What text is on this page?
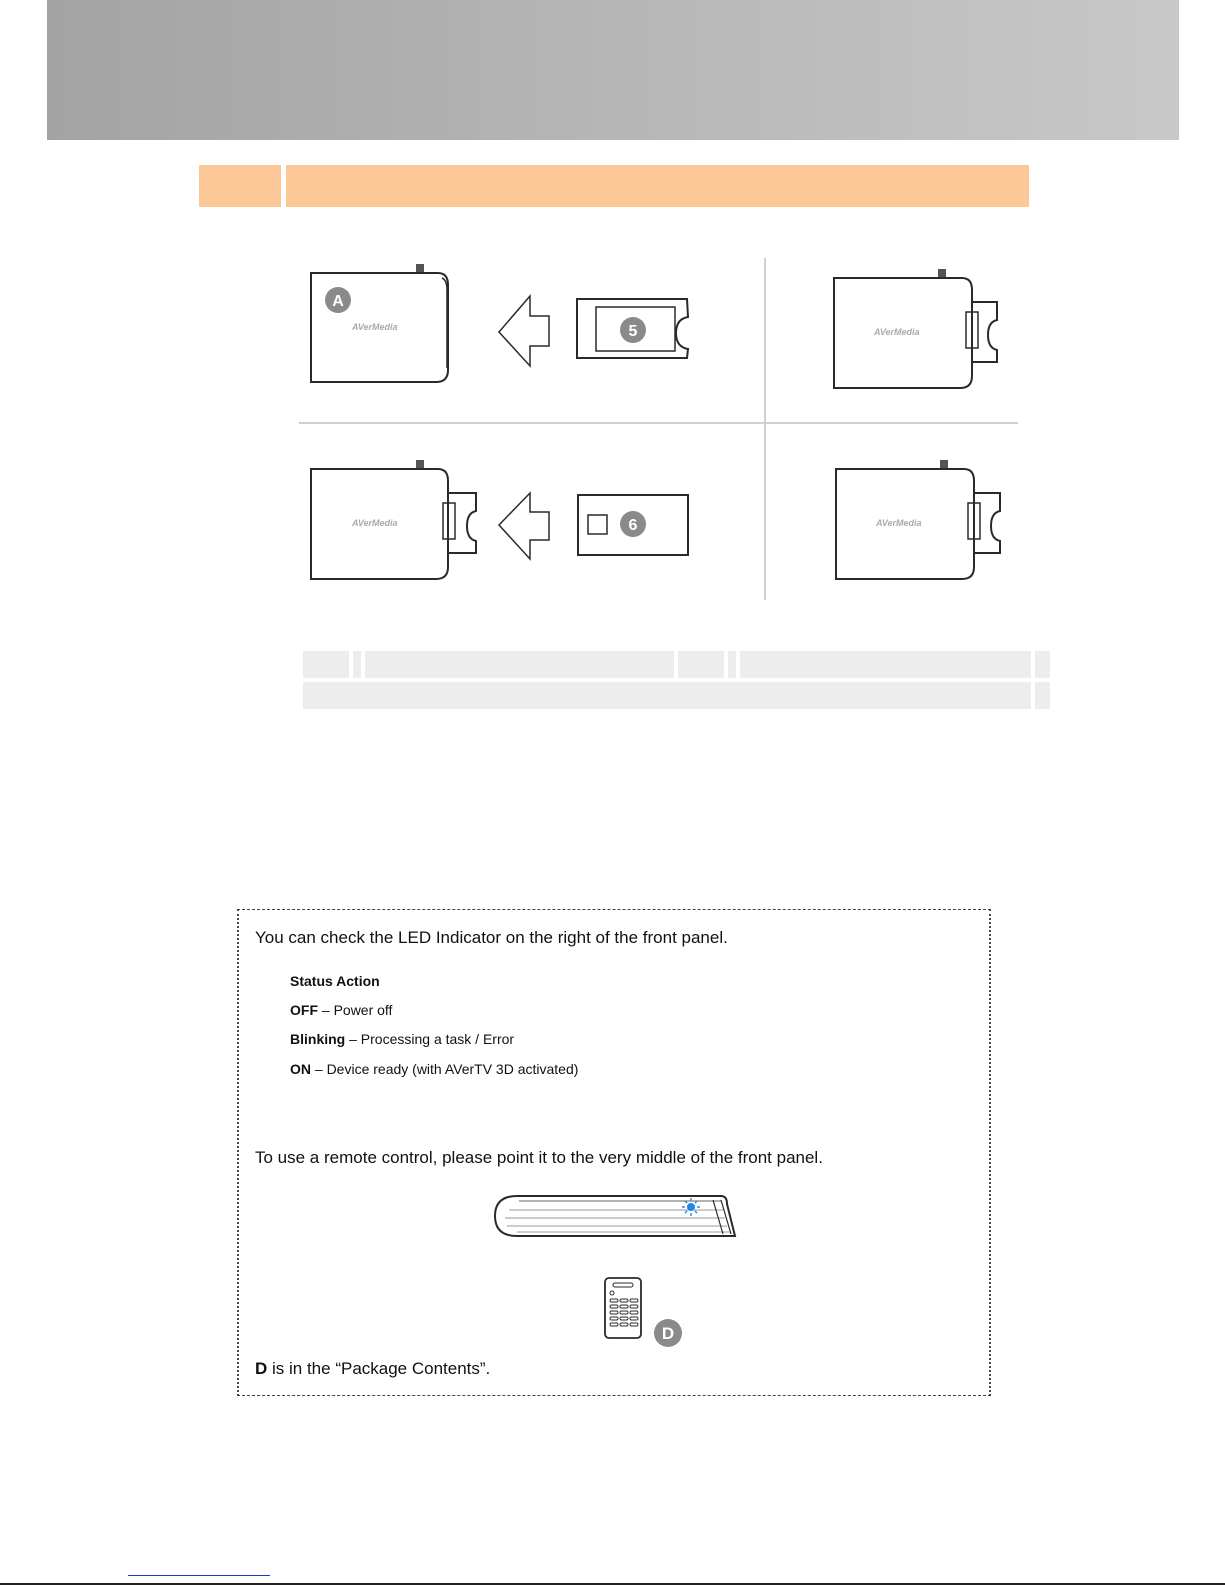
AVerMedia
A
5	AVerMedia
AVerMedia	6	AVerMedia
You can check the LED Indicator on the right of the front panel.
Status Action
OFF – Power off
Blinking – Processing a task / Error
ON – Device ready (with AVerTV 3D activated)
To use a remote control, please point it to the very middle of the front panel.
D
D is in the “Package Contents”.
